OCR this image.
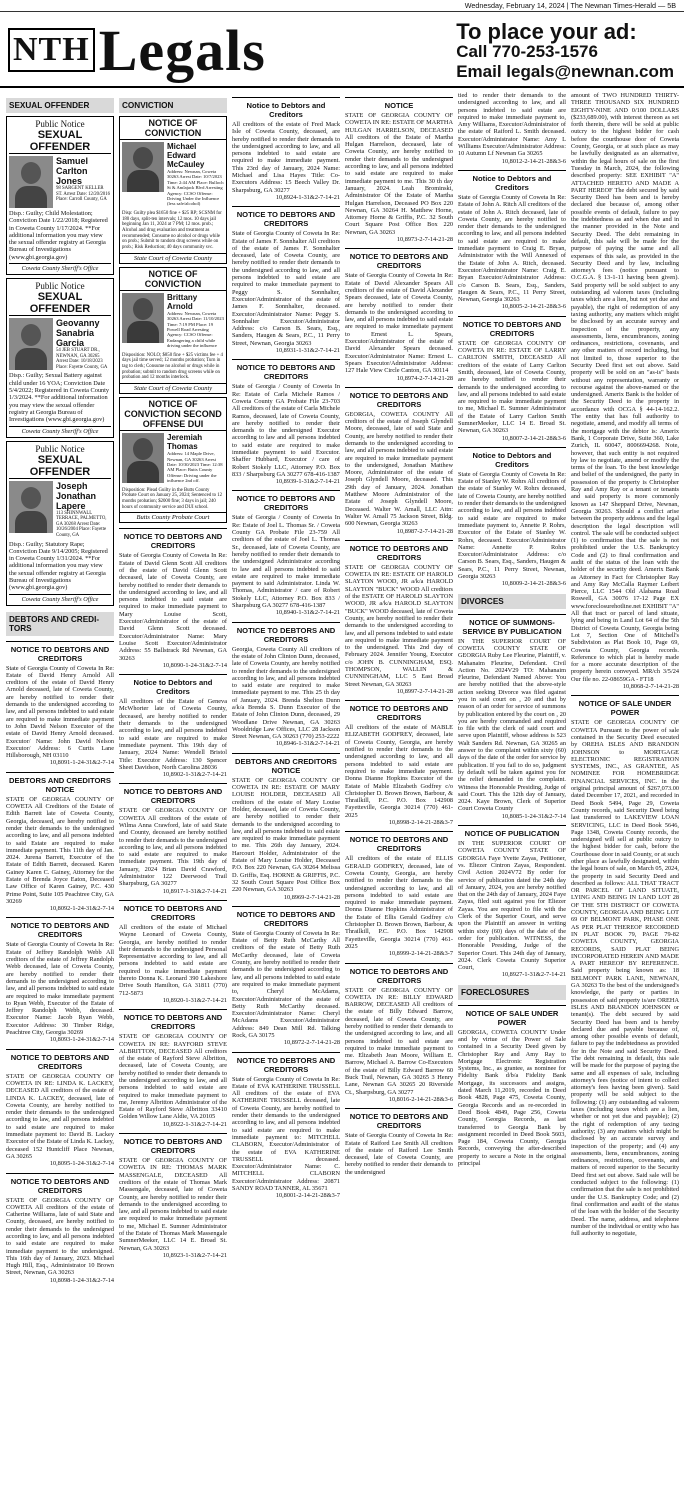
Wednesday, February 14, 2024 | The Newnan Times-Herald — 5B
NTH Legals	To place your ad:
Call 770-253-1576
Email legals@newnan.com
SEXUAL OFFENDER
Public Notice
SEXUAL OFFENDER
Samuel Carlton Jones
98 SARGENT KELLER ST. Arrest Date: 12/20/2016 Place: Carroll County, GA
Disp.: Guilty; Child Molestation; Conviction Date 1/22/2018; Registered in Coweta County 1/17/2024. **For additional information you may view the sexual offender registry at Georgia Bureau of Investigations (www.gbi.georgia.gov)
Coweta County Sheriff's Office
Public Notice
SEXUAL OFFENDER
Geovanny Sanabria Garcia
54 JEB STUART DR., NEWNAN, GA 30265 Arrest Date: 10/18/2023 Place: Fayette County, GA
Disp.: Guilty; Sexual Battery against child under 16 YOA; Conviction Date 5/4/2022; Registered in Coweta County 1/3/2024. **For additional information you may view the sexual offender registry at Georgia Bureau of Investigations (www.gbi.georgia.gov)
Coweta County Sheriff's Office
Public Notice
SEXUAL OFFENDER
Joseph Jonathan Lapere
113 SHINNWALL TERRACE, PALMETTO, GA 30268 Arrest Date: 10/26/2004 Place: Fayette County, GA
Disp.: Guilty; Statutory Rape; Conviction Date 9/14/2005; Registered in Coweta County 1/31/2024. **For additional information you may view the sexual offender registry at Georgia Bureau of Investigations (www.gbi.georgia.gov)
Coweta County Sheriff's Office
DEBTORS AND CREDI-TORS
NOTICE TO DEBTORS AND CREDITORS
State of Georgia County of Coweta In Re: Estate of David Henry Arnold All creditors of the estate of David Henry Arnold deceased, late of Coweta County, are hereby notified to render their demands to the undersigned according to law, and all persons indebted to said estate are required to make immediate payment to John David Nelson Executor of the estate of David Henry Arnold deceased. Executor/ Name: John David Nelson Executor/ Address: 6 Curtis Lane Hillsborough, NH 03110
10,8091-1-24-31&2-7-14
DEBTORS AND CREDITORS NOTICE
STATE OF GEORGIA COUNTY OF COWETA All Creditors of the Estate of Edith Barrett late of Coweta County, Georgia, deceased, are hereby notified to render their demands to the undersigned according to law, and all persons indebted to said Estate are required to make immediate payment. This 11th day of Jan. 2024. Jurena Barrett, Executor of the Estate of Edith Barrett, deceased. Karen Gainey Karen C. Gainey, Attorney for the Estate of Brenda Joyce Eaton, Deceased Law Office of Karen Gainey, P.C. 430 Prime Point, Suite 105 Peachtree City, GA 30269
10,8092-1-24-31&2-7-14
NOTICE TO DEBTORS AND CREDITORS
State of Georgia County of Coweta In Re: Estate of Jeffrey Randolph Webb All creditors of the estate of Jeffrey Randolph Webb deceased, late of Coweta County, are hereby notified to render their demands to the undersigned according to law, and all persons indebted to said estate are required to make immediate payment to Ryan Webb, Executor of the Estate of Jeffrey Randolph Webb, deceased. Executor Name: Jacob Ryan Webb, Executor Address: 30 Timber Ridge, Peachtree City, Georgia 30269
10,8093-1-24-31&2-7-14
NOTICE TO DEBTORS AND CREDITORS
STATE OF GEORGIA COUNTY OF COWETA IN RE: LINDA K. LACKEY, DECEASED All creditors of the estate of LINDA K. LACKEY, deceased, late of Coweta County, are hereby notified to render their demands to the undersigned according to law, and all persons indebted to said estate are required to make immediate payment to: David B. Lackey Executor of the Estate of Linda K. Lackey, deceased 152 Huntcliff Place Newnan, GA 30265
10,8095-1-24-31&2-7-14
NOTICE TO DEBTORS AND CREDITORS
STATE OF GEORGIA COUNTY OF COWETA All creditors of the estate of Catherine Williams, late of said State and County, deceased, are hereby notified to render their demands to the undersigned according to law, and all persons indebted to said estate are required to make immediate payment to the undersigned. This 16th day of January, 2023. Michael Hugh Hill, Esq., Administrator 10 Brown Street, Newnan, GA 30263
10,8098-1-24-31&2-7-14
CONVICTION
NOTICE OF CONVICTION
Michael Edward McCauley
Address: Newnan, Coweta 30263 Arrest Date: 10/7/2023 Time: 2:44 AM Place: Bulloch St & Amlajack Blvd Arresting Agency: CCSO Offense: Driving Under the Influence (less safe/alcohol)
Disp: Guilty plea $1650 fine + $25 RP; SCSNM for 180 days, split-ten intervals; 12 mos. 10 days jail beginning Jan 11, 2024 at 7 PM; 12 mos. prob.; Alcohol and drug evaluation and treatment as recommended; Consume no alcohol or drugs while on prob.; Submit to random drug screens while on prob.; Risk Reduction; 40 days community svc.
State Court of Coweta County
NOTICE OF CONVICTION
Brittany Arnold
Address: Newnan, Coweta 30263 Arrest Date: 11/10/2023 Time: 7:19 PM Place: 19 Powell Road Arresting Agency: CCSO Offense: Endangering a child while driving under the influence
Disposition: NOLO; $850 fine + $25 victims fee + 4 days jail time served; 12 months probation; Turn in tag to clerk; Consume no alcohol or drugs while in probation; submit to random drug screens while on probation and 12 months interlock.
State Court of Coweta County
NOTICE OF CONVICTION SECOND OFFENSE DUI
Jeremiah Thomas
Address: 14 Maple Drive, Newnan, GA 30263 Arrest Date: 10/30/2023 Time: 12:38 AM Place: Butts County Offense: Driving under the influence 2nd off.
Disposition: Plead Guilty in the Butts County Probate Court on January 25, 2024; Sentenced to 12 months probation; $2000 fine; 3 days in jail; 240 hours of community service and DUI school.
Butts County Probate Court
NOTICE TO DEBTORS AND CREDITORS
State of Georgia County of Coweta In Re: Estate of David Glenn Scott All creditors of the estate of David Glenn Scott deceased, late of Coweta County, are hereby notified to render their demands to the undersigned according to law, and all persons indebted to said estate are required to make immediate payment to Mary Louise Scott, Executor/Administrator of the estate of David Glenn Scott deceased. Executor/Administrator Name: Mary Louise Scott Executor/Administrator Address: 55 Ballstrack Rd Newnan, GA 30263
10,8090-1-24-31&2-7-14
Notice to Debtors and Creditors
All creditors of the Estate of Geneva McWhorter late of Coweta County, deceased, are hereby notified to render their demands to the undersigned according to law, and all persons indebted to said estate are required to make immediate payment. This 19th day of January, 2024 Name: Wendell Bristol Title: Executor Address: 130 Spencer Sheet Davidson, North Carolina 28036
10,8902-1-31&2-7-14-21
NOTICE TO DEBTORS AND CREDITORS
STATE OF GEORGIA COUNTY OF COWETA All creditors of the estate of Wilma Anna Crawford, late of said State and County, deceased are hereby notified to render their demands to the undersigned according to law, and all persons indebted to said estate are required to make immediate payment. This 19th day of January, 2024 Brian David Crawford, Administrator 122 Deerwood Trail Sharpsburg, GA 30277
10,8917-1-31&2-7-14-21
NOTICE TO DEBTORS AND CREDITORS
All creditors of the estate of Michael Wayne Leonard of Coweta County, Georgia, are hereby notified to render their demands to the undersigned Personal Representative according to law, and all persons indebted to said estate are required to make immediate payment thereto Donna K. Leonard 390 Lakeshore Drive South Hamilton, GA 31811 (770) 712-5873
10,8920-1-31&2-7-14-21
NOTICE TO DEBTORS AND CREDITORS
STATE OF GEORGIA COUNTY OF COWETA IN RE: RAYFORD STEVE ALBRITTON, DECEASED All creditors of the estate of Rayford Steve Albritton, deceased, late of Coweta County, are hereby notified to render their demands to the undersigned according to law, and all persons indebted to said estate are required to make immediate payment to me, Jeremy Albritton Administrator of the Estate of Rayford Steve Albritton 33410 Golden Willow Lane Aldie, VA 20105
10,8922-1-31&2-7-14-21
NOTICE TO DEBTORS AND CREDITORS
STATE OF GEORGIA COUNTY OF COWETA IN RE: THOMAS MARK MASSENGALE, DECEASED All creditors of the estate of Thomas Mark Massengale, deceased, late of Coweta County, are hereby notified to render their demands to the undersigned according to law, and all persons indebted to said estate are required to make immediate payment to me, Michael E. Sumner Administrator of the Estate of Thomas Mark Massengale SumnerMeeker, LLC 14 E. Broad St. Newnan, GA 30263
10,8923-1-31&2-7-14-21
Notice to Debtors and Creditors
All creditors of the estate of Fred Mack Isle of Coweta County, deceased, are hereby notified to render their demands to the undersigned according to law, and all persons indebted to said estate are required to make immediate payment. This 23rd day of January, 2024 Name: Michael and Lisa Hayes Title: Co-Executors Address: 15 Beech Valley Dr. Sharpsburg, GA 30277
10,8924-1-31&2-7-14-21
NOTICE TO DEBTORS AND CREDITORS
State of Georgia County of Coweta In Re: Estate of James F. Sonnhalter All creditors of the estate of James F. Sonnhalter deceased, late of Coweta County, are hereby notified to render their demands to the undersigned according to law, and all persons indebted to said estate are required to make immediate payment to Peggy S. Sonnhalter, Executor/Administrator of the estate of James F. Sonnhalter, deceased. Executor/Administrator Name: Peggy S. Sonnhalter Executor/Administrator Address: c/o Carson B. Sears, Esq., Sanders, Haugen & Sears, P.C., 11 Perry Street, Newnan, Georgia 30263
10,8931-1-31&2-7-14-21
NOTICE TO DEBTORS AND CREDITORS
State of Georgia / County of Coweta In Re: Estate of Carla Michele Ramos / Coweta County GA Probate File 23-703 All creditors of the estate of Carla Michele Ramos, deceased, late of Coweta County, are hereby notified to render their demands to the undersigned Executor according to law and all persons indebted to said estate are required to make immediate payment to said Executor. Shaffer Hubbard, Executor / care of Robert Stokely LLC, Attorney P.O. Box 833 / Sharpsburg GA 30277 678-416-1387
10,8939-1-31&2-7-14-21
NOTICE TO DEBTORS AND CREDITORS
State of Georgia / County of Coweta In Re: Estate of Joel L. Thomas Sr. / Coweta County GA Probate File 23-759 All creditors of the estate of Joel L. Thomas Sr., deceased, late of Coweta County, are hereby notified to render their demands to the undersigned Administrator according to law and all persons indebted to said estate are required to make immediate payment to said Administrator. Linda W. Thomas, Administrator / care of Robert Stokely LLC, Attorney P.O. Box 833 / Sharpsburg GA 30277 678-416-1387
10,8940-1-31&2-7-14-21
NOTICE TO DEBTORS AND CREDITORS
Georgia, Coweta County All creditors of the estate of John Clinton Dunn, deceased, late of Coweta County, are hereby notified to render their demands to the undersigned according to law, and all persons indebted to said estate are required to make immediate payment to me. This 25 th day of January, 2024. Brenda Shelton Dunn a/k/a Brenda S. Dunn Executor of the Estate of John Clinton Dunn, deceased, 29 Woodlane Drive Newnan, GA 30263 Wooldridge Law Offices, LLC 28 Jackson Street Newnan, GA 30263 (770) 253-2222
10,8946-1-31&2-7-14-21
DEBTORS AND CREDITORS NOTICE
STATE OF GEORGIA COUNTY OF COWETA IN RE: ESTATE OF MARY LOUISE HOLDER, DECEASED All creditors of the estate of Mary Louise Holder, deceased, late of Coweta County, are hereby notified to render their demands to the undersigned according to law, and all persons indebted to said estate are required to make immediate payment to me. This 26th day January, 2024. Harcourt Holder, Administrator of the Estate of Mary Louise Holder, Deceased P.O. Box 220 Newnan, GA 30264 Melissa D. Griffis, Esq. HORNE & GRIFFIS, P.C. 32 South Court Square Post Office Box 220 Newnan, GA 30263
10,8969-2-7-14-21-28
NOTICE TO DEBTORS AND CREDITORS
State of Georgia County of Coweta In Re: Estate of Betty Ruth McCarthy All creditors of the estate of Betty Ruth McCarthy deceased, late of Coweta County, are hereby notified to render their demands to the undersigned according to law, and all persons indebted to said estate are required to make immediate payment to, Cheryl McAdams, Executor/Administrator of the estate of Betty Ruth McCarthy deceased. Executor/Administrator Name: Cheryl McAdams Executor/Administrator Address: 849 Dean Mill Rd. Talking Rock, GA 30175
10,8972-2-7-14-21-28
NOTICE TO DEBTORS AND CREDITORS
State of Georgia County of Coweta In Re: Estate of EVA KATHERINE TRUSSELL All creditors of the estate of EVA KATHERINE TRUSSELL deceased, late of Coweta County, are hereby notified to render their demands to the undersigned according to law, and all persons indebted to said estate are required to make immediate payment to: MITCHELL CLABORN, Executor/Administrator of the estate of EVA KATHERINE TRUSSELL deceased. Executor/Administrator Name: C. MITCHELL CLABORN Executor/Administrator Address: 20871 SANDY ROAD TANNER, AL 35671
10,8001-2-14-21-28&3-7
NOTICE
STATE OF GEORGIA COUNTY OF COWETA IN RE: ESTATE OF MARTHA HULGAN HARRELSON, DECEASED All creditors of the Estate of Martha Hulgan Harrelson, deceased, late of Coweta County, are hereby notified to render their demands to the undersigned according to law, and all persons indebted to said estate are required to make immediate payment to me. This 30 th day January, 2024. Leah Brominski, Administrator Of the Estate of Martha Hulgan Harrelson, Deceased PO Box 220 Newnan, GA 30264 H. Matthew Horne, Attorney Horne & Griffis, P.C. 32 South Court Square Post Office Box 220 Newnan, GA 30263
10,8973-2-7-14-21-28
NOTICE TO DEBTORS AND CREDITORS
State of Georgia County of Coweta In Re: Estate of David Alexander Spears All creditors of the estate of David Alexander Spears deceased, late of Coweta County, are hereby notified to render their demands to the undersigned according to law, and all persons indebted to said estate are required to make immediate payment to Ernest L. Spears, Executor/Administrator of the estate of David Alexander Spears deceased. Executor/Administrator Name: Ernest L. Spears Executor/Administrator Address: 127 Hale View Circle Canton, GA 30114
10,8974-2-7-14-21-28
NOTICE TO DEBTORS AND CREDITORS
GEORGIA, COWETA COUNTY All creditors of the estate of Joseph Glyndell Moore, deceased, late of said State and County, are hereby notified to render their demands to the undersigned according to law, and all persons indebted to said estate are required to make immediate payment to the undersigned, Jonathan Matthew Moore, Administrator of the estate of Joseph Glyndell Moore, deceased. This 29th day of January, 2024. Jonathan Matthew Moore Administrator of the Estate of Joseph Glyndell Moore, Deceased. Walter W. Amall, LLC Attn: Walter W. Amall 75 Jackson Street, Bldg. 600 Newnan, Georgia 30263
10,8987-2-7-14-21-28
NOTICE TO DEBTORS AND CREDITORS
STATE OF GEORGIA COUNTY OF COWETA IN RE: ESTATE OF HAROLD SLAYTON WOOD, JR a/k/a HAROLD SLAYTON "BUCK" WOOD All creditors of the ESTATE OF HAROLD SLAYTON WOOD, JR a/k/a HAROLD SLAYTON "BUCK" WOOD deceased, late of Coweta County, are hereby notified to render their demands to the undersigned according to law, and all persons indebted to said estate are required to make immediate payment to the undersigned. This 2nd day of February 2024. Jennifer Young, Executor c/o JOHN B. CUNNINGHAM, ESQ. THOMPSON, WALLIN & CUNNINGHAM, LLC 5 East Broad Street Newnan, GA 30263
10,8997-2-7-14-21-28
NOTICE TO DEBTORS AND CREDITORS
All creditors of the estate of MABLE ELIZABETH GODFREY, deceased, late of Coweta County, Georgia, are hereby notified to render their demands to the undersigned according to law, and all persons indebted to said estate are required to make immediate payment. Donna Dianne Hopkins Executor of the Estate of Mable Elizabeth Godfrey c/o Christopher D. Brown Brown, Barbour, & Thrailkill, P.C. P.O. Box 142908 Fayetteville, Georgia 30214 (770) 461-2025
10,8998-2-14-21-28&3-7
NOTICE TO DEBTORS AND CREDITORS
All creditors of the estate of ELLIS GERALD GODFREY, deceased, late of Coweta County, Georgia, are hereby notified to render their demands to the undersigned according to law, and all persons indebted to said estate are required to make immediate payment. Donna Dianne Hopkins Administrator of the Estate of Ellis Gerald Godfrey c/o Christopher D. Brown Brown, Barbour, & Thrailkill, P.C. P.O. Box 142908 Fayetteville, Georgia 30214 (770) 461-2025
10,8999-2-14-21-28&3-7
NOTICE TO DEBTORS AND CREDITORS
STATE OF GEORGIA COUNTY OF COWETA IN RE: BILLY EDWARD BARROW, DECEASED All creditors of the estate of Billy Edward Barrow, deceased, late of Coweta County, are hereby notified to render their demands to the undersigned according to law, and all persons indebted to said estate are required to make immediate payment to me. Elizabeth Jean Moore, William E. Barrow, Michael A. Barrow Co-Executors of the estate of Billy Edward Barrow 60 Buck Trail, Newnan, GA 30265 3 Henry Lane, Newnan GA 30265 20 Riverside Ct., Sharpsburg, GA 30277
10,8016-2-14-21-28&3-6
NOTICE TO DEBTORS AND CREDITORS
State of Georgia County of Coweta In Re: Estate of Raiford Lee Smith All creditors of the estate of Raiford Lee Smith deceased, late of Coweta County, are hereby notified to render their demands to the undersigned
tied to render their demands to the undersigned according to law, and all persons indebted to said estate are required to make immediate payment to, Amy Williams, Executor/Administrator of the estate of Raiford L. Smith deceased. Executor/Administrator Name: Amy L Williams Executor/Administrator Address: 10 Autumn Lf Newnan Ga 30265
10,8012-2-14-21-28&3-6
Notice to Debtors and Creditors
State of Georgia County of Coweta In Re: Estate of John A. Ritch All creditors of the estate of John A. Ritch deceased, late of Coweta County, are hereby notified to render their demands to the undersigned according to law, and all persons indebted to said estate are required to make immediate payment to Craig E. Bryan, Administrator with the Will Annexed of the Estate of John A. Ritch, deceased. Executor/Administrator Name: Craig E. Bryan Executor/Administrator Address: c/o Carson B. Sears, Esq., Sanders, Haugen & Sears, P.C., 11 Perry Street, Newnan, Georgia 30263
10,8005-2-14-21-28&3-6
NOTICE TO DEBTORS AND CREDITORS
STATE OF GEORGIA COUNTY OF COWETA IN RE: ESTATE OF LARRY CARLTON SMITH, DECEASED All creditors of the estate of Larry Carlton Smith, deceased, late of Coweta County, are hereby notified to render their demands to the undersigned according to law, and all persons indebted to said estate are required to make immediate payment to me, Michael E. Sumner Administrator of the Estate of Larry Carlton Smith SumnerMeeker, LLC 14 E. Broad St. Newnan, GA 30263
10,8007-2-14-21-28&3-6
Notice to Debtors and Creditors
State of Georgia County of Coweta In Re: Estate of Stanley W. Rohrs All creditors of the estate of Stanley W. Rohrs deceased, late of Coweta County, are hereby notified to render their demands to the undersigned according to law, and all persons indebted to said estate are required to make immediate payment to, Annette P. Rohrs, Executor of the Estate of Stanley W. Rohrs, deceased. Executor/Administrator Name: Annette P. Rohrs Executor/Administrator Address: c/o Carson B. Sears, Esq., Sanders, Haugen & Sears, P.C., 11 Perry Street, Newnan, Georgia 30263
10,8009-2-14-21-28&3-6
DIVORCES
NOTICE OF SUMMONS-SERVICE BY PUBLICATION
IN THE SUPERIOR COURT OF COWETA COUNTY STATE OF GEORGIA Ruby Lee Fleurine, Plaintiff, v. Mahanaim Fleurine, Defendant. Civil Action No. 2024V29 TO: Mahanaim Fleurine, Defendant Named Above: You are hereby notified that the above-style action seeking Divorce was filed against you in said court on , 20 and that by reason of an order for service of summons by publication entered by the court on , 20 you are hereby commanded and required to file with the clerk of said court and serve upon Plaintiff, whose address is 523 Walt Sanders Rd. Newnan, GA 30265 an answer to the complaint within sixty (60) days of the date of the order for service by publication. If you fail to do so, judgment by default will be taken against you for the relief demanded in the complaint. Witness the Honorable Presiding, Judge of said Court. This the 12th day of January, 2024. Kaye Brown, Clerk of Superior Court Coweta County
10,8085-1-24-31&2-7-14
NOTICE OF PUBLICATION
IN THE SUPERIOR COURT OF COWETA COUNTY STATE OF GEORGIA Faye Yvette Zayas, Petitioner, vs. Eliezer Cintron Zayas, Respondent. Civil Action 2024V72 By order for service of publication dated the 24th day of January, 2024, you are hereby notified that on the 24th day of January, 2024 Faye Zayas, filed suit against you for Eliezer Zayas. You are required to file with the Clerk of the Superior Court, and serve upon the Plaintiff an answer in writing within sixty (60) days of the date of the order for publication. WITNESS, the Honorable Presiding, Judge of the Superior Court. This 24th day of January, 2024. Clerk Coweta County Superior Court,
10,8927-1-31&2-7-14-21
FORECLOSURES
NOTICE OF SALE UNDER POWER
GEORGIA, COWETA COUNTY Under and by virtue of the Power of Sale contained in a Security Deed given by Christopher Ray and Amy Ray to Mortgage Electronic Registration Systems, Inc., as grantee, as nominee for Fidelity Bank d/b/a Fidelity Bank Mortgage, its successors and assigns, dated March 11,2019, recorded in Deed Book 4828, Page 475, Coweta County, Georgia Records and as re-recorded in Deed Book 4849, Page 256, Coweta County, Georgia Records, as last transferred to Georgia Bank by assignment recorded in Deed Book 5603, Page 184, Coweta County, Georgia Records, conveying the after-described property to secure a Note in the original principal
amount of TWO HUNDRED THIRTY-THREE THOUSAND SIX HUNDRED EIGHTY-NINE AND 0/100 DOLLARS ($233,689.00), with interest thereon as set forth therein, there will be sold at public outcry to the highest bidder for cash before the courthouse door of Coweta County, Georgia, or at such place as may be lawfully designated as an alternative, within the legal hours of sale on the first Tuesday in March, 2024, the following described property: SEE EXHIBIT "A" ATTACHED HERETO AND MADE A PART HEREOF The debt secured by said Security Deed has been and is hereby declared due because of, among other possible events of default, failure to pay the indebtedness as and when due and in the manner provided in the Note and Security Deed. The debt remaining in default, this sale will be made for the purpose of paying the same and all expenses of this sale, as provided in the Security Deed and by law, including attorney's fees (notice pursuant to O.C.G.A. § 13-1-11 having been given). Said property will be sold subject to any outstanding ad valorem taxes (including taxes which are a lien, but not yet due and payable), the right of redemption of any taxing authority, any matters which might be disclosed by an accurate survey and inspection of the property, any assessments, liens, encumbrances, zoning ordinances, restrictions, covenants, and any other matters of record including, but not limited to, those superior to the Security Deed first set out above. Said property will be sold on an "as-is" basis without any representation, warranty or recourse against the above-named or the undersigned. Amerix Bank is the holder of the Security Deed to the property in accordance with OCGA § 44-14-162.2. The entity that has full authority to negotiate, amend, and modify all terms of the mortgage with the debtor is: Amerix Bank, 1 Corporate Drive, Suite 360, Lake Zurich, IL 60047, 8006694268. Note, however, that such entity is not required by law to negotiate, amend or modify the terms of the loan. To the best knowledge and belief of the undersigned, the party in possession of the property is Christopher Ray and Amy Ray or a tenant or tenants and said property is more commonly known as 147 Sheppard Drive, Newnan, Georgia 30263. Should a conflict arise between the property address and the legal description the legal description will control. The sale will be conducted subject (1) to confirmation that the sale is not prohibited under the U.S. Bankruptcy Code and (2) to final confirmation and audit of the status of the loan with the holder of the security deed. Amerix Bank as Attorney in Fact for Christopher Ray and Amy Ray McCalla Raymer Leibert Pierce, LLC 1544 Old Alabama Road Roswell, GA 30076 17-12 Page EX www.foreclosurehotline.net EXHIBIT "A" All that tract or parcel of land situate, lying and being in Land Lot 64 of the 5th District of Coweta County, Georgia being Lot 7, Section One of Mitchell's Subdivision as Plat Book 10, Page 69, Coweta County, Georgia records. Reference to which plat is hereby made for a more accurate description of the property herein conveyed. MR/ch 3/5/24 Our file no. 22-08659GA - FT18
10,8068-2-7-14-21-28
NOTICE OF SALE UNDER POWER
STATE OF GEORGIA COUNTY OF COWETA Pursuant to the power of sale contained in the Security Deed executed by OREHA ISLES AND BRANDON JOHNSON to MORTGAGE ELECTRONIC REGISTRATION SYSTEMS, INC., AS GRANTEE, AS NOMINEE FOR HOMEBRIDGE FINANCIAL SERVICES, INC. in the original principal amount of $267,073.00 dated December 17, 2021, and recorded in Deed Book 5494, Page 29, Coweta County records, said Security Deed being last transferred to LAKEVIEW LOAN SERVICING, LLC in Deed Book 5646, Page 1348, Coweta County records, the undersigned will sell at public outcry to the highest bidder for cash, before the Courthouse door in said County, or at such other place as lawfully designated, within the legal hours of sale, on March 05, 2024, the property in said Security Deed and described as follows: ALL THAT TRACT OR PARCEL OF LAND SITUATE, LYING AND BEING IN LAND LOT 28 OF THE 5TH DISTRICT OF COWETA COUNTY, GEORGIA AND BEING LOT 69 OF BELMONT PARK, PHASE ONE AS PER PLAT THEREOF RECORDED IN PLAT BOOK 79, PAGE 79-82 COWETA COUNTY, GEORGIA RECORDS, SAID PLAT BEING INCORPORATED HEREIN AND MADE A PART HEREOF BY REFERENCE. Said property being known as: 18 BELMONT PARK LANE, NEWNAN, GA 30263 To the best of the undersigned's knowledge, the party or parties in possession of said property is/are OREHA ISLES AND BRANDON JOHNSON or tenant(s). The debt secured by said Security Deed has been and is hereby declared due and payable because of, among other possible events of default, failure to pay the indebtedness as provided for in the Note and said Security Deed. The debt remaining in default, this sale will be made for the purpose of paying the same and all expenses of sale, including attorney's fees (notice of intent to collect attorney's fees having been given). Said property will be sold subject to the following: (1) any outstanding ad valorem taxes (including taxes which are a lien, whether or not yet due and payable); (2) the right of redemption of any taxing authority; (3) any matters which might be disclosed by an accurate survey and inspection of the property; and (4) any assessments, liens, encumbrances, zoning ordinances, restrictions, covenants, and matters of record superior to the Security Deed first set out above. Said sale will be conducted subject to the following: (1) confirmation that the sale is not prohibited under the U.S. Bankruptcy Code; and (2) final confirmation and audit of the status of the loan with the holder of the Security Deed. The name, address, and telephone number of the individual or entity who has full authority to negotiate,
